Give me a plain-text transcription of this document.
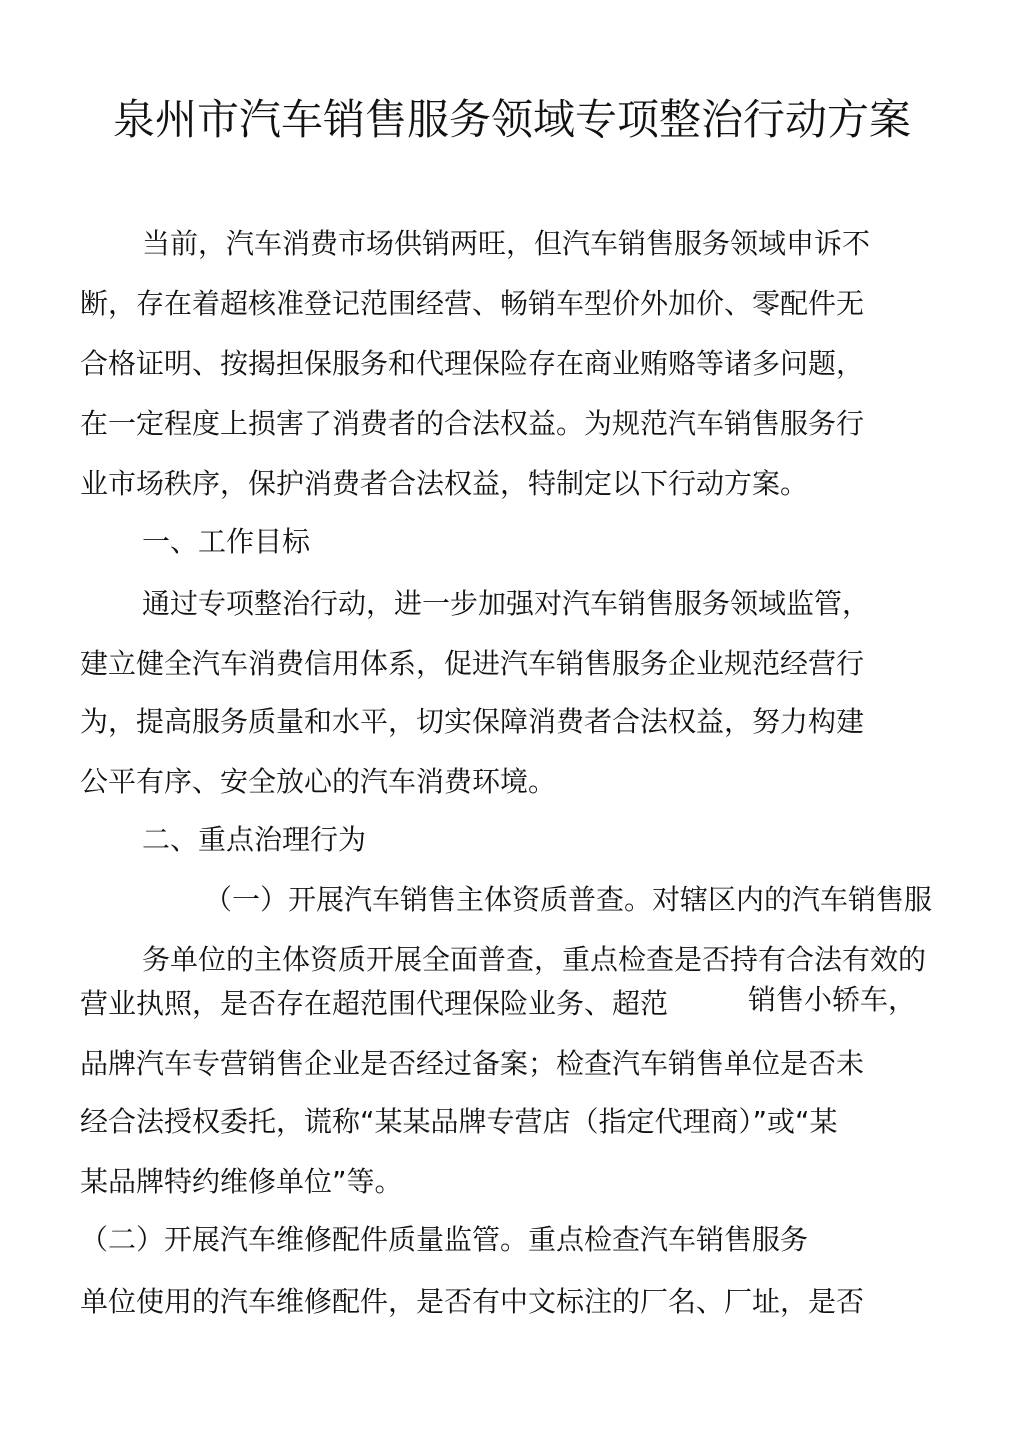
泉州市汽车销售服务领域专项整治行动方案
当前，汽车消费市场供销两旺，但汽车销售服务领域申诉不
断，存在着超核准登记范围经营、畅销车型价外加价、零配件无
合格证明、按揭担保服务和代理保险存在商业贿赂等诸多问题，
在一定程度上损害了消费者的合法权益。为规范汽车销售服务行
业市场秩序，保护消费者合法权益，特制定以下行动方案。
一、工作目标
通过专项整治行动，进一步加强对汽车销售服务领域监管，
建立健全汽车消费信用体系，促进汽车销售服务企业规范经营行
为，提高服务质量和水平，切实保障消费者合法权益，努力构建
公平有序、安全放心的汽车消费环境。
二、重点治理行为
（一）开展汽车销售主体资质普查。对辖区内的汽车销售服
务单位的主体资质开展全面普查，重点检查是否持有合法有效的
营业执照，是否存在超范围代理保险业务、超范	销售小轿车，
品牌汽车专营销售企业是否经过备案；检查汽车销售单位是否未
经合法授权委托，谎称“某某品牌专营店（指定代理商）”或“某
某品牌特约维修单位”等。
（二）开展汽车维修配件质量监管。重点检查汽车销售服务
单位使用的汽车维修配件，是否有中文标注的厂名、厂址，是否
